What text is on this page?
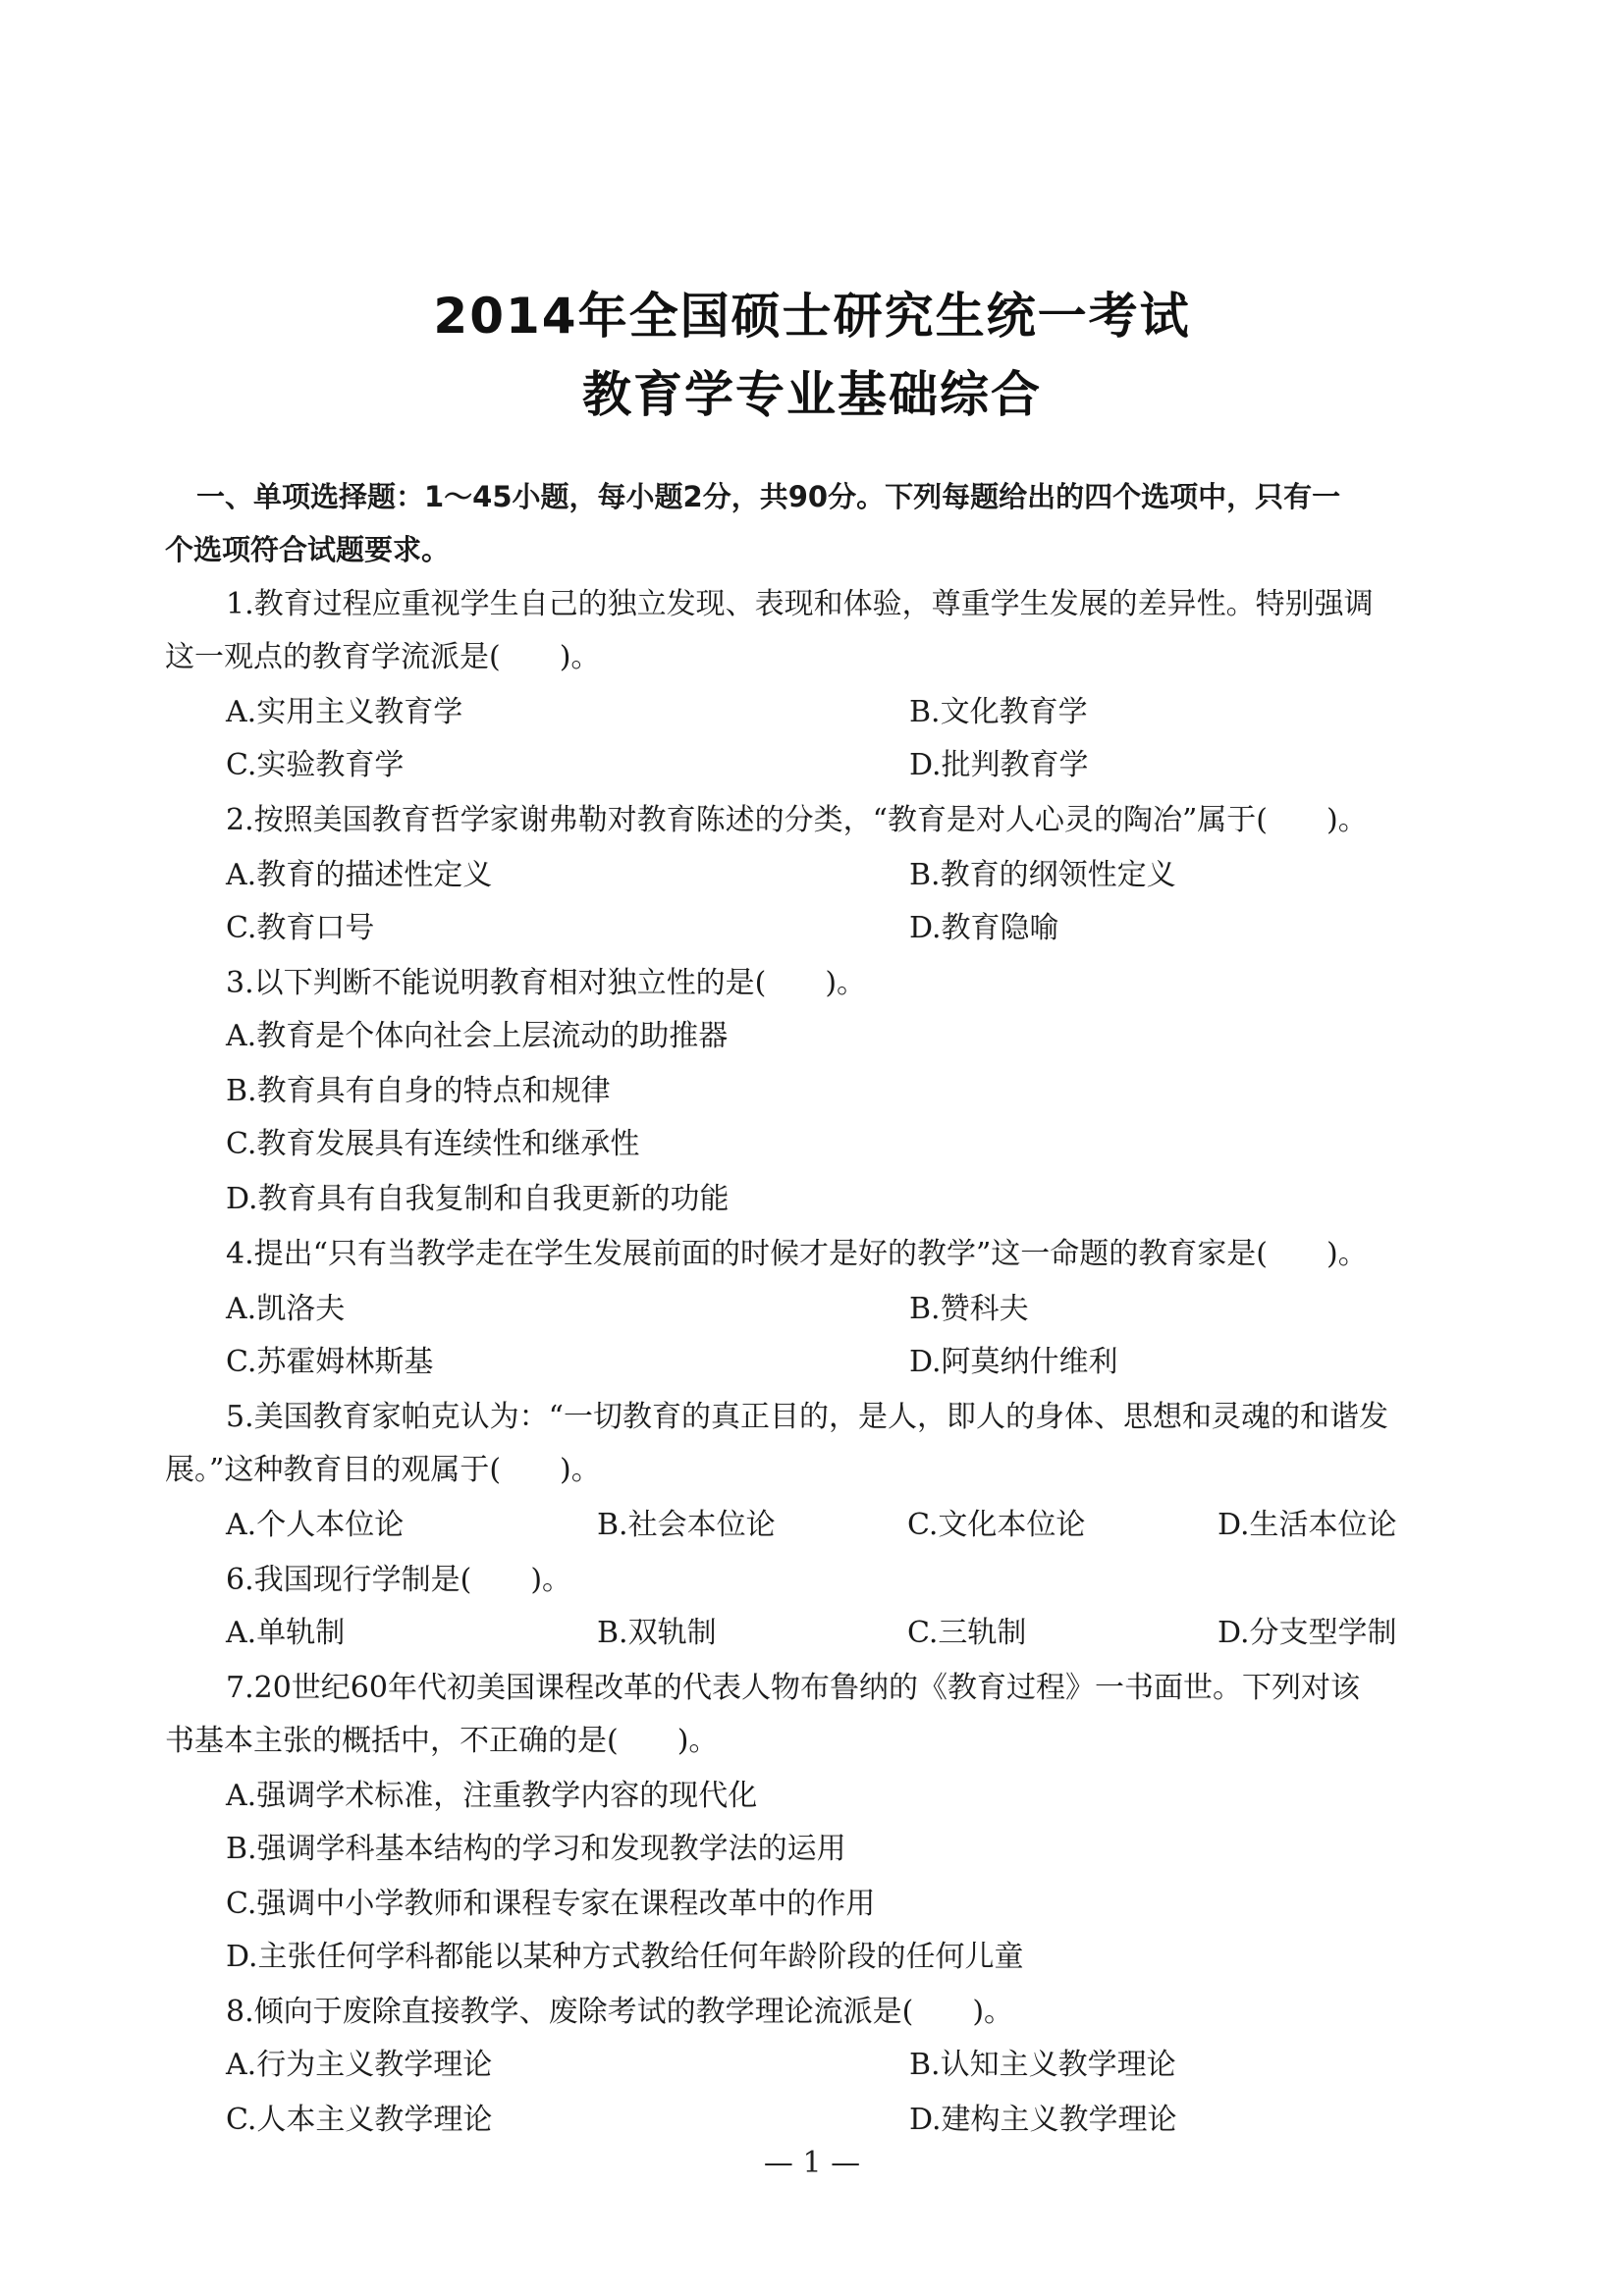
2014年全国硕士研究生统一考试
教育学专业基础综合
一、单项选择题：1～45小题，每小题2分，共90分。下列每题给出的四个选项中，只有一
个选项符合试题要求。
1.教育过程应重视学生自己的独立发现、表现和体验，尊重学生发展的差异性。特别强调
这一观点的教育学流派是(　　)。
A.实用主义教育学	B.文化教育学
C.实验教育学	D.批判教育学
2.按照美国教育哲学家谢弗勒对教育陈述的分类，“教育是对人心灵的陶冶”属于(　　)。
A.教育的描述性定义	B.教育的纲领性定义
C.教育口号	D.教育隐喻
3.以下判断不能说明教育相对独立性的是(　　)。
A.教育是个体向社会上层流动的助推器
B.教育具有自身的特点和规律
C.教育发展具有连续性和继承性
D.教育具有自我复制和自我更新的功能
4.提出“只有当教学走在学生发展前面的时候才是好的教学”这一命题的教育家是(　　)。
A.凯洛夫	B.赞科夫
C.苏霍姆林斯基	D.阿莫纳什维利
5.美国教育家帕克认为：“一切教育的真正目的，是人，即人的身体、思想和灵魂的和谐发
展。”这种教育目的观属于(　　)。
A.个人本位论	B.社会本位论	C.文化本位论	D.生活本位论
6.我国现行学制是(　　)。
A.单轨制	B.双轨制	C.三轨制	D.分支型学制
7.20世纪60年代初美国课程改革的代表人物布鲁纳的《教育过程》一书面世。下列对该
书基本主张的概括中，不正确的是(　　)。
A.强调学术标准，注重教学内容的现代化
B.强调学科基本结构的学习和发现教学法的运用
C.强调中小学教师和课程专家在课程改革中的作用
D.主张任何学科都能以某种方式教给任何年龄阶段的任何儿童
8.倾向于废除直接教学、废除考试的教学理论流派是(　　)。
A.行为主义教学理论	B.认知主义教学理论
C.人本主义教学理论	D.建构主义教学理论
— 1 —
